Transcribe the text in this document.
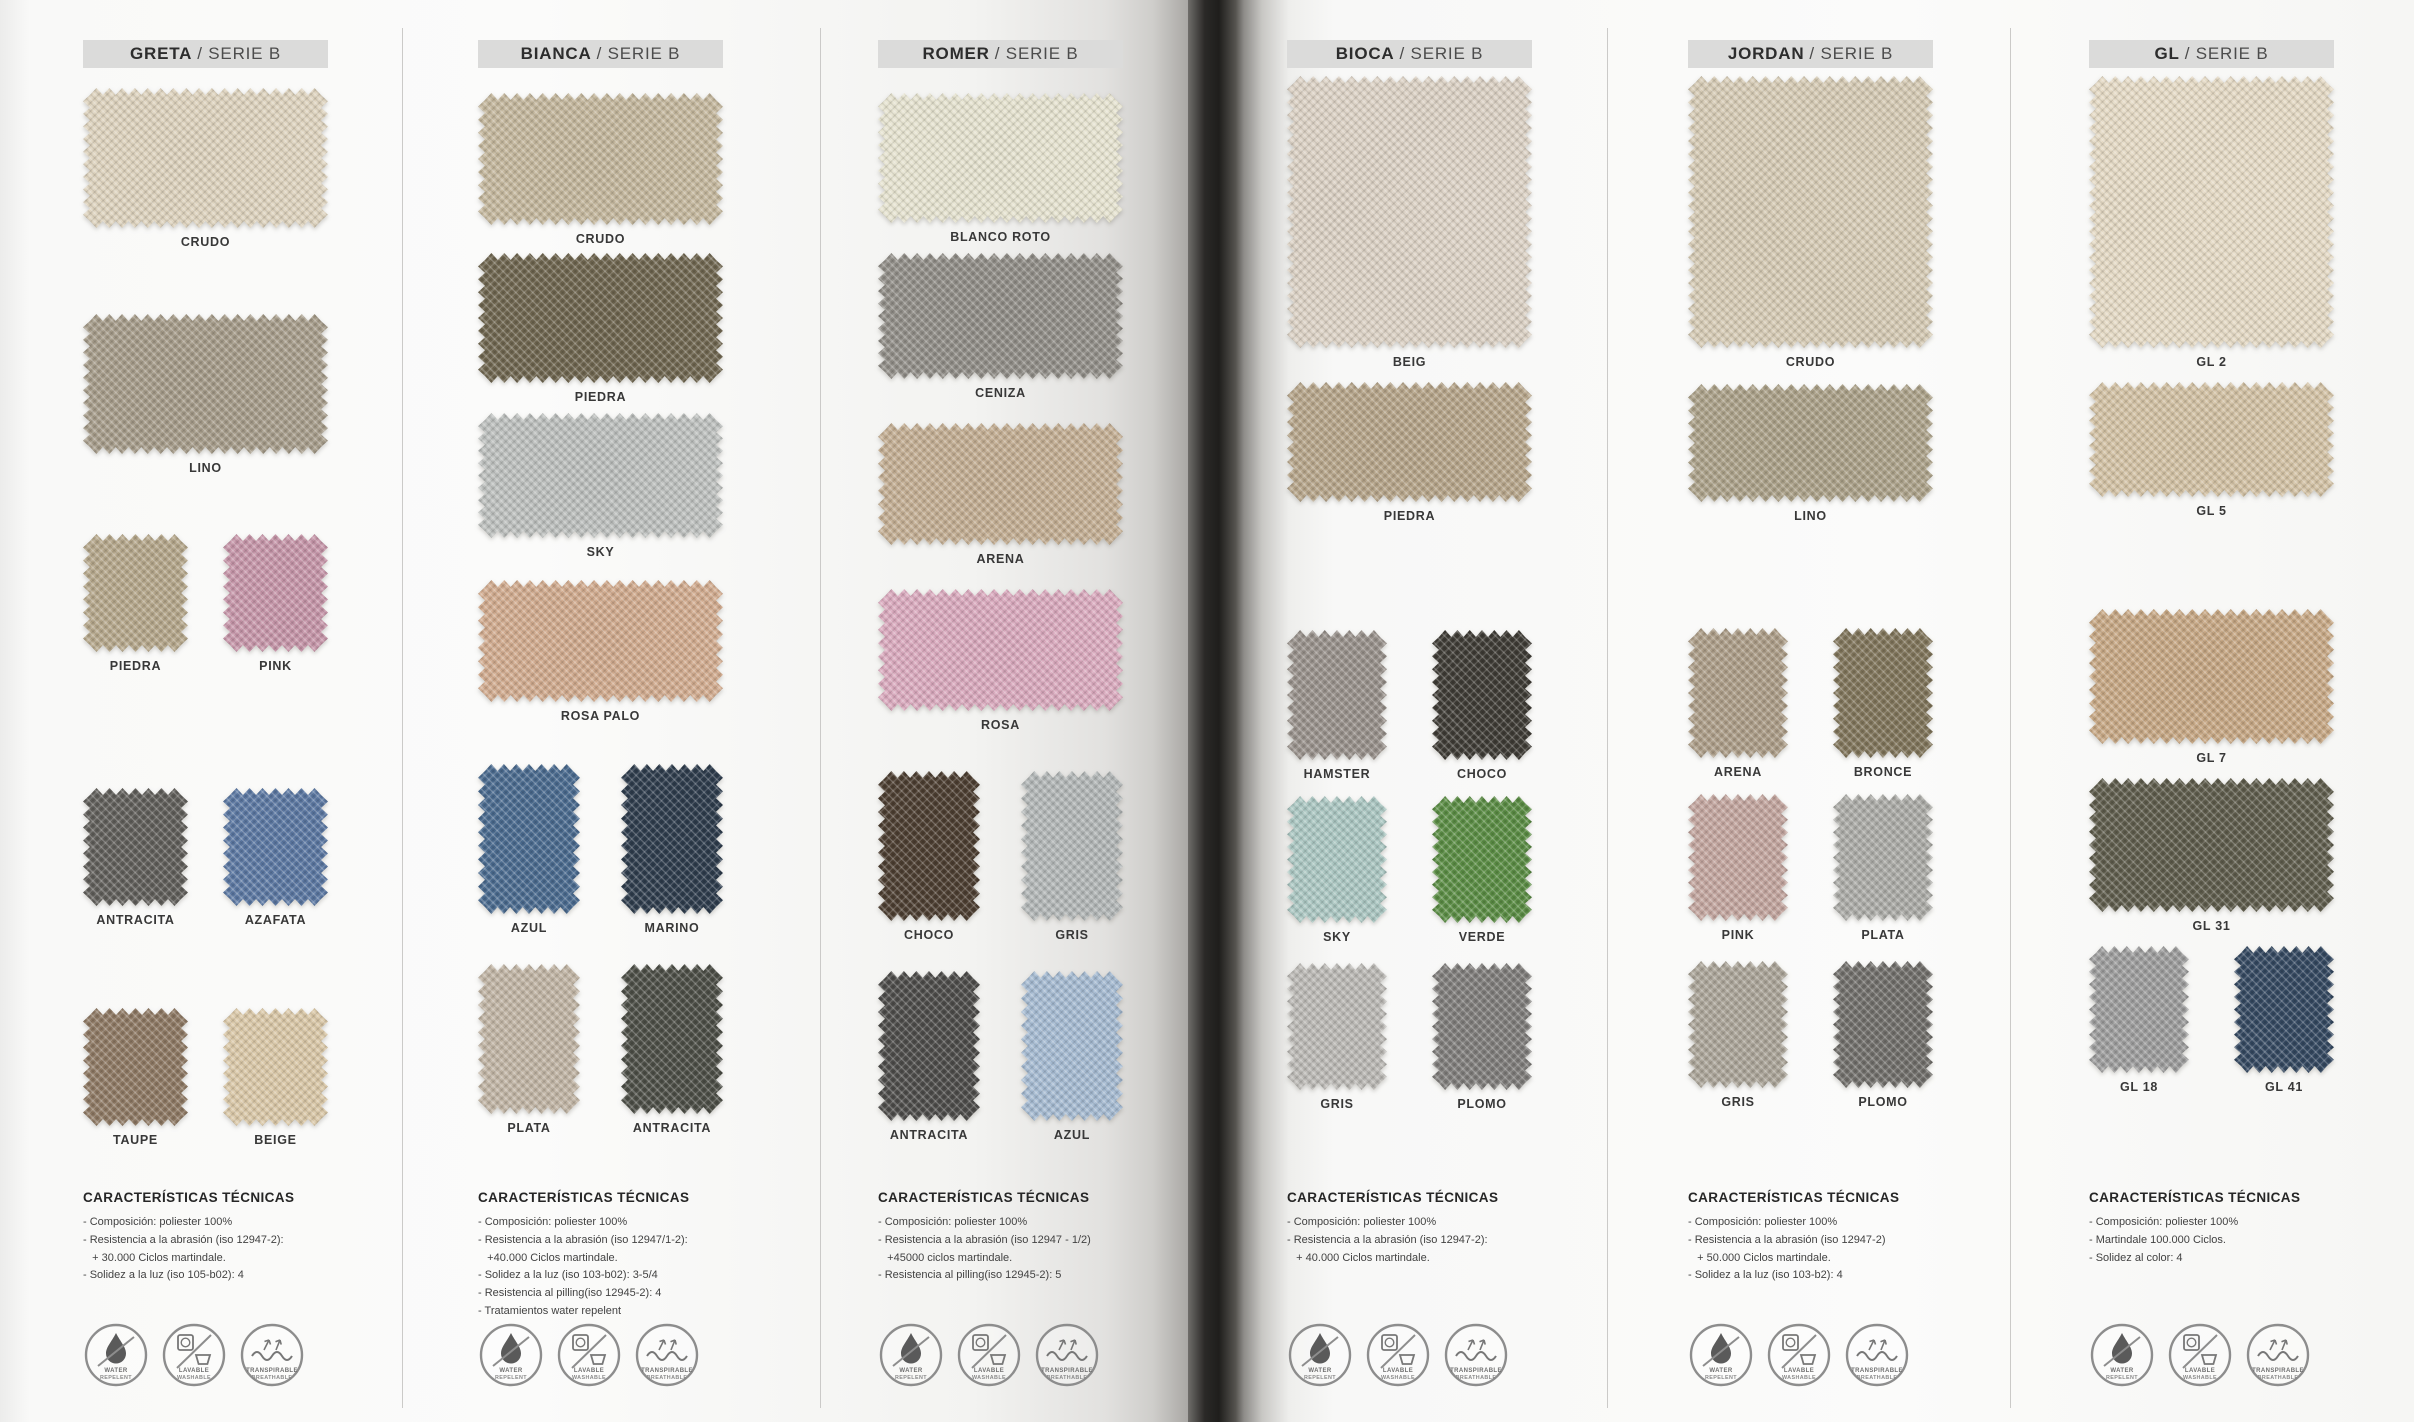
GRETA / SERIE B
CRUDO
LINO
PIEDRA	PINK
ANTRACITA	AZAFATA
TAUPE	BEIGE
CARACTERÍSTICAS TÉCNICAS
- Composición: poliester 100%
- Resistencia a la abrasión (iso 12947-2):
+ 30.000 Ciclos martindale.
- Solidez a la luz (iso 105-b02): 4
WATER
REPELENT
LAVABLE
WASHABLE
TRANSPIRABLE
BREATHABLE
BIANCA / SERIE B
CRUDO
PIEDRA
SKY
ROSA PALO
AZUL	MARINO
PLATA	ANTRACITA
CARACTERÍSTICAS TÉCNICAS
- Composición: poliester 100%
- Resistencia a la abrasión (iso 12947/1-2):
+40.000 Ciclos martindale.
- Solidez a la luz (iso 103-b02): 3-5/4
- Resistencia al pilling(iso 12945-2): 4
- Tratamientos water repelent
WATER
REPELENT
LAVABLE
WASHABLE
TRANSPIRABLE
BREATHABLE
ROMER / SERIE B
BLANCO ROTO
CENIZA
ARENA
ROSA
CHOCO	GRIS
ANTRACITA	AZUL
CARACTERÍSTICAS TÉCNICAS
- Composición: poliester 100%
- Resistencia a la abrasión (iso 12947 - 1/2)
+45000 ciclos martindale.
- Resistencia al pilling(iso 12945-2): 5
WATER
REPELENT
LAVABLE
WASHABLE
TRANSPIRABLE
BREATHABLE
BIOCA / SERIE B
BEIG
PIEDRA
HAMSTER	CHOCO
SKY	VERDE
GRIS	PLOMO
CARACTERÍSTICAS TÉCNICAS
- Composición: poliester 100%
- Resistencia a la abrasión (iso 12947-2):
+ 40.000 Ciclos martindale.
WATER
REPELENT
LAVABLE
WASHABLE
TRANSPIRABLE
BREATHABLE
JORDAN / SERIE B
CRUDO
LINO
ARENA	BRONCE
PINK	PLATA
GRIS	PLOMO
CARACTERÍSTICAS TÉCNICAS
- Composición: poliester 100%
- Resistencia a la abrasión (iso 12947-2)
+ 50.000 Ciclos martindale.
- Solidez a la luz (iso 103-b2): 4
WATER
REPELENT
LAVABLE
WASHABLE
TRANSPIRABLE
BREATHABLE
GL / SERIE B
GL 2
GL 5
GL 7
GL 31
GL 18	GL 41
CARACTERÍSTICAS TÉCNICAS
- Composición: poliester 100%
- Martindale 100.000 Ciclos.
- Solidez al color: 4
WATER
REPELENT
LAVABLE
WASHABLE
TRANSPIRABLE
BREATHABLE
